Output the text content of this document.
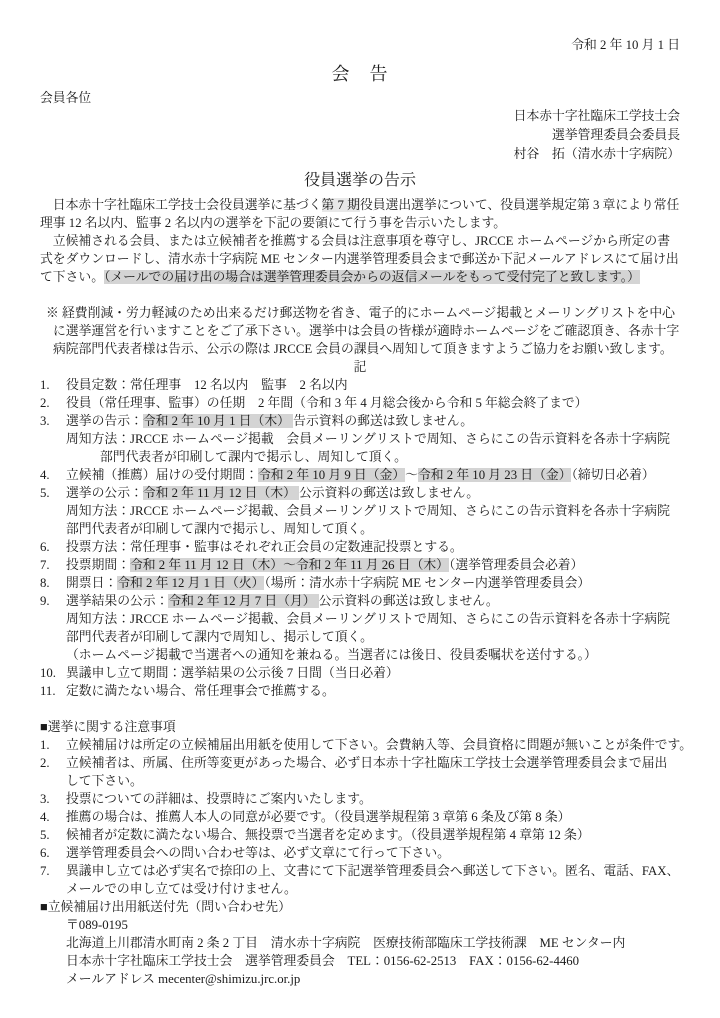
令和 2 年 10 月 1 日
会　告
会員各位
日本赤十字社臨床工学技士会
選挙管理委員会委員長
村谷　拓（清水赤十字病院）
役員選挙の告示
　日本赤十字社臨床工学技士会役員選挙に基づく第 7 期役員選出選挙について、役員選挙規定第 3 章により常任
理事 12 名以内、監事 2 名以内の選挙を下記の要領にて行う事を告示いたします。
　立候補される会員、または立候補者を推薦する会員は注意事項を尊守し、JRCCE ホームページから所定の書
式をダウンロードし、清水赤十字病院 ME センター内選挙管理委員会まで郵送か下記メールアドレスにて届け出
て下さい。（メールでの届け出の場合は選挙管理委員会からの返信メールをもって受付完了と致します。）
※ 経費削減・労力軽減のため出来るだけ郵送物を省き、電子的にホームページ掲載とメーリングリストを中心
に選挙運営を行いますことをご了承下さい。選挙中は会員の皆様が適時ホームページをご確認頂き、各赤十字
病院部門代表者様は告示、公示の際は JRCCE 会員の課員へ周知して頂きますようご協力をお願い致します。
記
1. 役員定数：常任理事　12 名以内　監事　2 名以内
2. 役員（常任理事、監事）の任期　2 年間（令和 3 年 4 月総会後から令和 5 年総会終了まで）
3. 選挙の告示：令和 2 年 10 月 1 日（木） 告示資料の郵送は致しません。
周知方法：JRCCE ホームページ掲載　会員メーリングリストで周知、さらにこの告示資料を各赤十字病院
部門代表者が印刷して課内で掲示し、周知して頂く。
4. 立候補（推薦）届けの受付期間：令和 2 年 10 月 9 日（金）～令和 2 年 10 月 23 日（金）（締切日必着）
5. 選挙の公示：令和 2 年 11 月 12 日（木） 公示資料の郵送は致しません。
周知方法：JRCCE ホームページ掲載、会員メーリングリストで周知、さらにこの告示資料を各赤十字病院
部門代表者が印刷して課内で掲示し、周知して頂く。
6. 投票方法：常任理事・監事はそれぞれ正会員の定数連記投票とする。
7. 投票期間：令和 2 年 11 月 12 日（木）～令和 2 年 11 月 26 日（木）（選挙管理委員会必着）
8. 開票日：令和 2 年 12 月 1 日（火）（場所：清水赤十字病院 ME センター内選挙管理委員会）
9. 選挙結果の公示：令和 2 年 12 月 7 日（月） 公示資料の郵送は致しません。
周知方法：JRCCE ホームページ掲載、会員メーリングリストで周知、さらにこの告示資料を各赤十字病院
部門代表者が印刷して課内で周知し、掲示して頂く。
（ホームページ掲載で当選者への通知を兼ねる。当選者には後日、役員委嘱状を送付する。）
10. 異議申し立て期間：選挙結果の公示後 7 日間（当日必着）
11. 定数に満たない場合、常任理事会で推薦する。
■選挙に関する注意事項
1. 立候補届けは所定の立候補届出用紙を使用して下さい。会費納入等、会員資格に問題が無いことが条件です。
2. 立候補者は、所属、住所等変更があった場合、必ず日本赤十字社臨床工学技士会選挙管理委員会まで届出
して下さい。
3. 投票についての詳細は、投票時にご案内いたします。
4. 推薦の場合は、推薦人本人の同意が必要です。（役員選挙規程第 3 章第 6 条及び第 8 条）
5. 候補者が定数に満たない場合、無投票で当選者を定めます。（役員選挙規程第 4 章第 12 条）
6. 選挙管理委員会への問い合わせ等は、必ず文章にて行って下さい。
7. 異議申し立ては必ず実名で捺印の上、文書にて下記選挙管理委員会へ郵送して下さい。匿名、電話、FAX、
メールでの申し立ては受け付けません。
■立候補届け出用紙送付先（問い合わせ先）
〒089-0195
北海道上川郡清水町南 2 条 2 丁目　清水赤十字病院　医療技術部臨床工学技術課　ME センター内
日本赤十字社臨床工学技士会　選挙管理委員会　TEL：0156-62-2513　FAX：0156-62-4460
メールアドレス mecenter@shimizu.jrc.or.jp
